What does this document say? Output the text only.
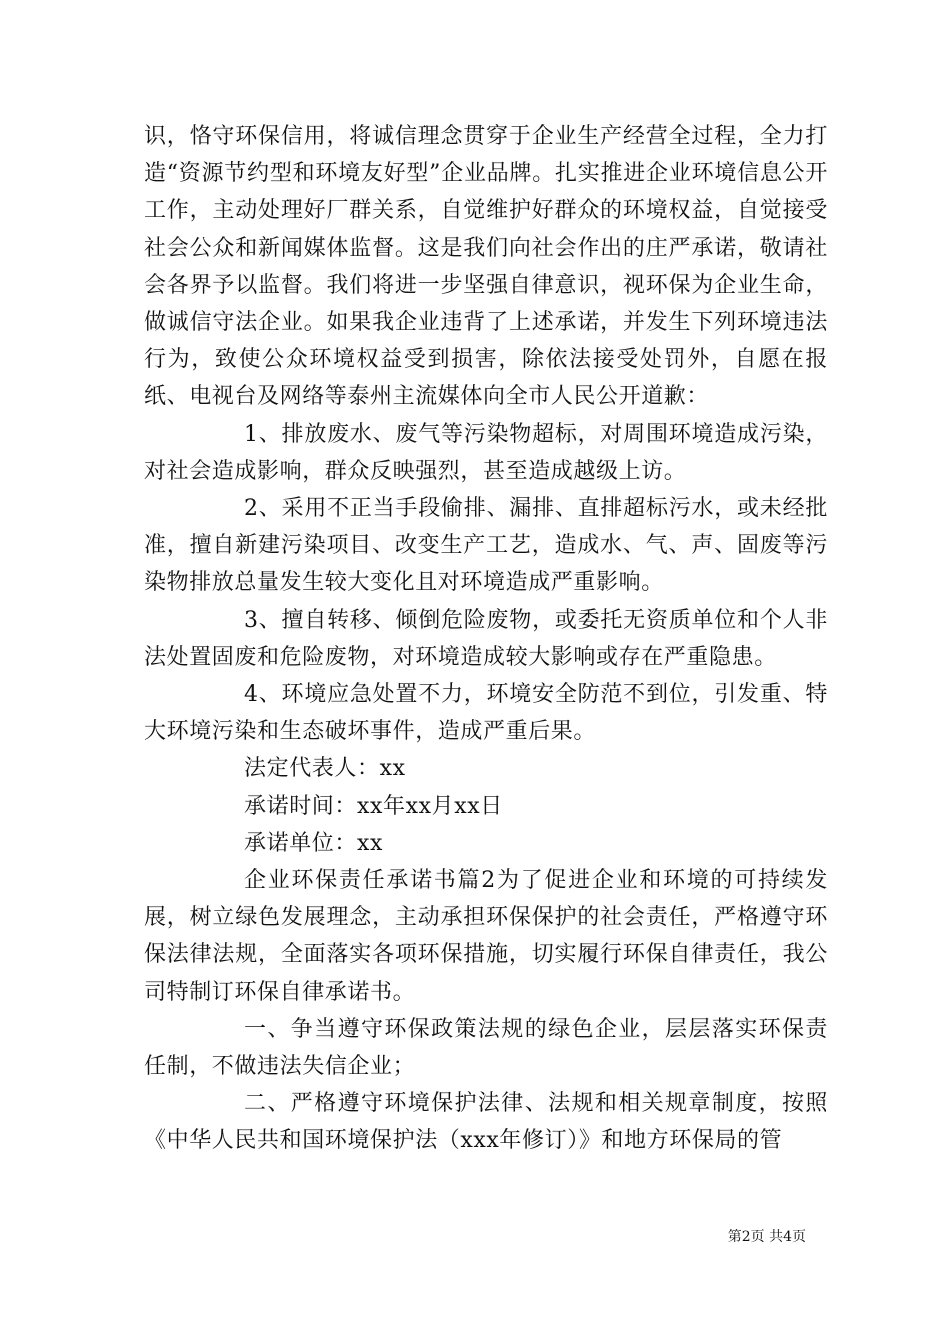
识，恪守环保信用，将诚信理念贯穿于企业生产经营全过程，全力打造“资源节约型和环境友好型”企业品牌。扎实推进企业环境信息公开工作，主动处理好厂群关系，自觉维护好群众的环境权益，自觉接受社会公众和新闻媒体监督。这是我们向社会作出的庄严承诺，敬请社会各界予以监督。我们将进一步坚强自律意识，视环保为企业生命，做诚信守法企业。如果我企业违背了上述承诺，并发生下列环境违法行为，致使公众环境权益受到损害，除依法接受处罚外，自愿在报纸、电视台及网络等泰州主流媒体向全市人民公开道歉：

1、排放废水、废气等污染物超标，对周围环境造成污染，对社会造成影响，群众反映强烈，甚至造成越级上访。

2、采用不正当手段偷排、漏排、直排超标污水，或未经批准，擅自新建污染项目、改变生产工艺，造成水、气、声、固废等污染物排放总量发生较大变化且对环境造成严重影响。

3、擅自转移、倾倒危险废物，或委托无资质单位和个人非法处置固废和危险废物，对环境造成较大影响或存在严重隐患。

4、环境应急处置不力，环境安全防范不到位，引发重、特大环境污染和生态破坏事件，造成严重后果。

法定代表人：xx

承诺时间：xx年xx月xx日

承诺单位：xx

企业环保责任承诺书篇2为了促进企业和环境的可持续发展，树立绿色发展理念，主动承担环保保护的社会责任，严格遵守环保法律法规，全面落实各项环保措施，切实履行环保自律责任，我公司特制订环保自律承诺书。

一、争当遵守环保政策法规的绿色企业，层层落实环保责任制，不做违法失信企业；

二、严格遵守环境保护法律、法规和相关规章制度，按照《中华人民共和国环境保护法（xxx年修订）》和地方环保局的管

第2页 共4页
